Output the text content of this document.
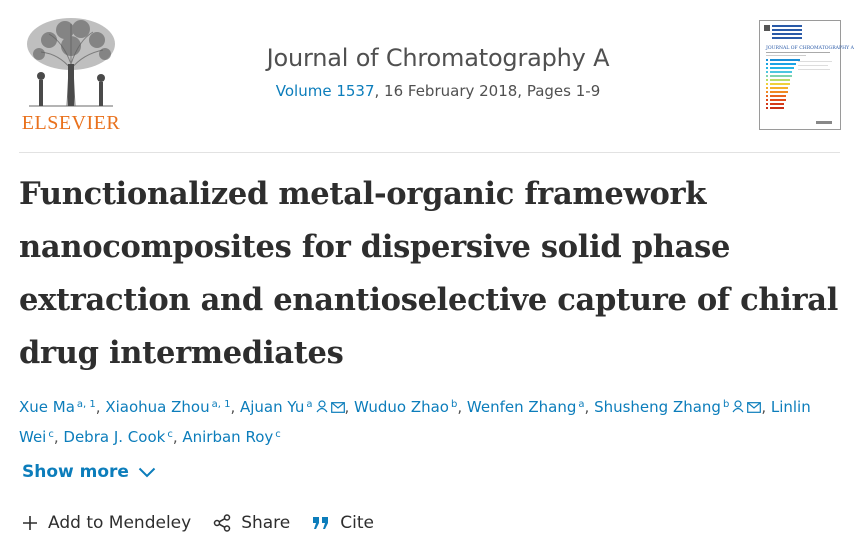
ELSEVIER
Journal of Chromatography A
Volume 1537, 16 February 2018, Pages 1-9
JOURNAL OF CHROMATOGRAPHY A
Functionalized metal-organic framework
nanocomposites for dispersive solid phase
extraction and enantioselective capture of chiral
drug intermediates
Xue Ma $^{a, 1}$, Xiaohua Zhou $^{a, 1}$, Ajuan Yu $^a$ , Wuduo Zhao $^b$, Wenfen Zhang $^a$, Shusheng Zhang $^b$ , Linlin Wei $^c$, Debra J. Cook $^c$, Anirban Roy $^c$
Show more
Add to Mendeley	Share	Cite
